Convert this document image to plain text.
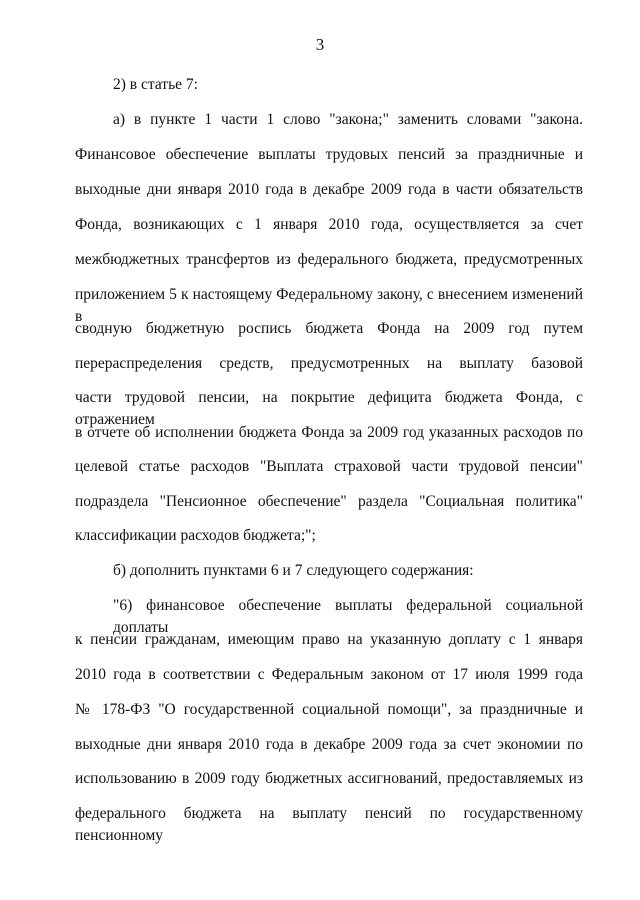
3
2) в статье 7:
а) в пункте 1 части 1 слово "закона;" заменить словами "закона.
Финансовое обеспечение выплаты трудовых пенсий за праздничные и
выходные дни января 2010 года в декабре 2009 года в части обязательств
Фонда, возникающих с 1 января 2010 года, осуществляется за счет
межбюджетных трансфертов из федерального бюджета, предусмотренных
приложением 5 к настоящему Федеральному закону, с внесением изменений в
сводную бюджетную роспись бюджета Фонда на 2009 год путем
перераспределения средств, предусмотренных на выплату базовой
части трудовой пенсии, на покрытие дефицита бюджета Фонда, с отражением
в отчете об исполнении бюджета Фонда за 2009 год указанных расходов по
целевой статье расходов "Выплата страховой части трудовой пенсии"
подраздела "Пенсионное обеспечение" раздела "Социальная политика"
классификации расходов бюджета;";
б) дополнить пунктами 6 и 7 следующего содержания:
"6) финансовое обеспечение выплаты федеральной социальной доплаты
к пенсии гражданам, имеющим право на указанную доплату с 1 января
2010 года в соответствии с Федеральным законом от 17 июля 1999 года
№ 178-ФЗ "О государственной социальной помощи", за праздничные и
выходные дни января 2010 года в декабре 2009 года за счет экономии по
использованию в 2009 году бюджетных ассигнований, предоставляемых из
федерального бюджета на выплату пенсий по государственному пенсионному
